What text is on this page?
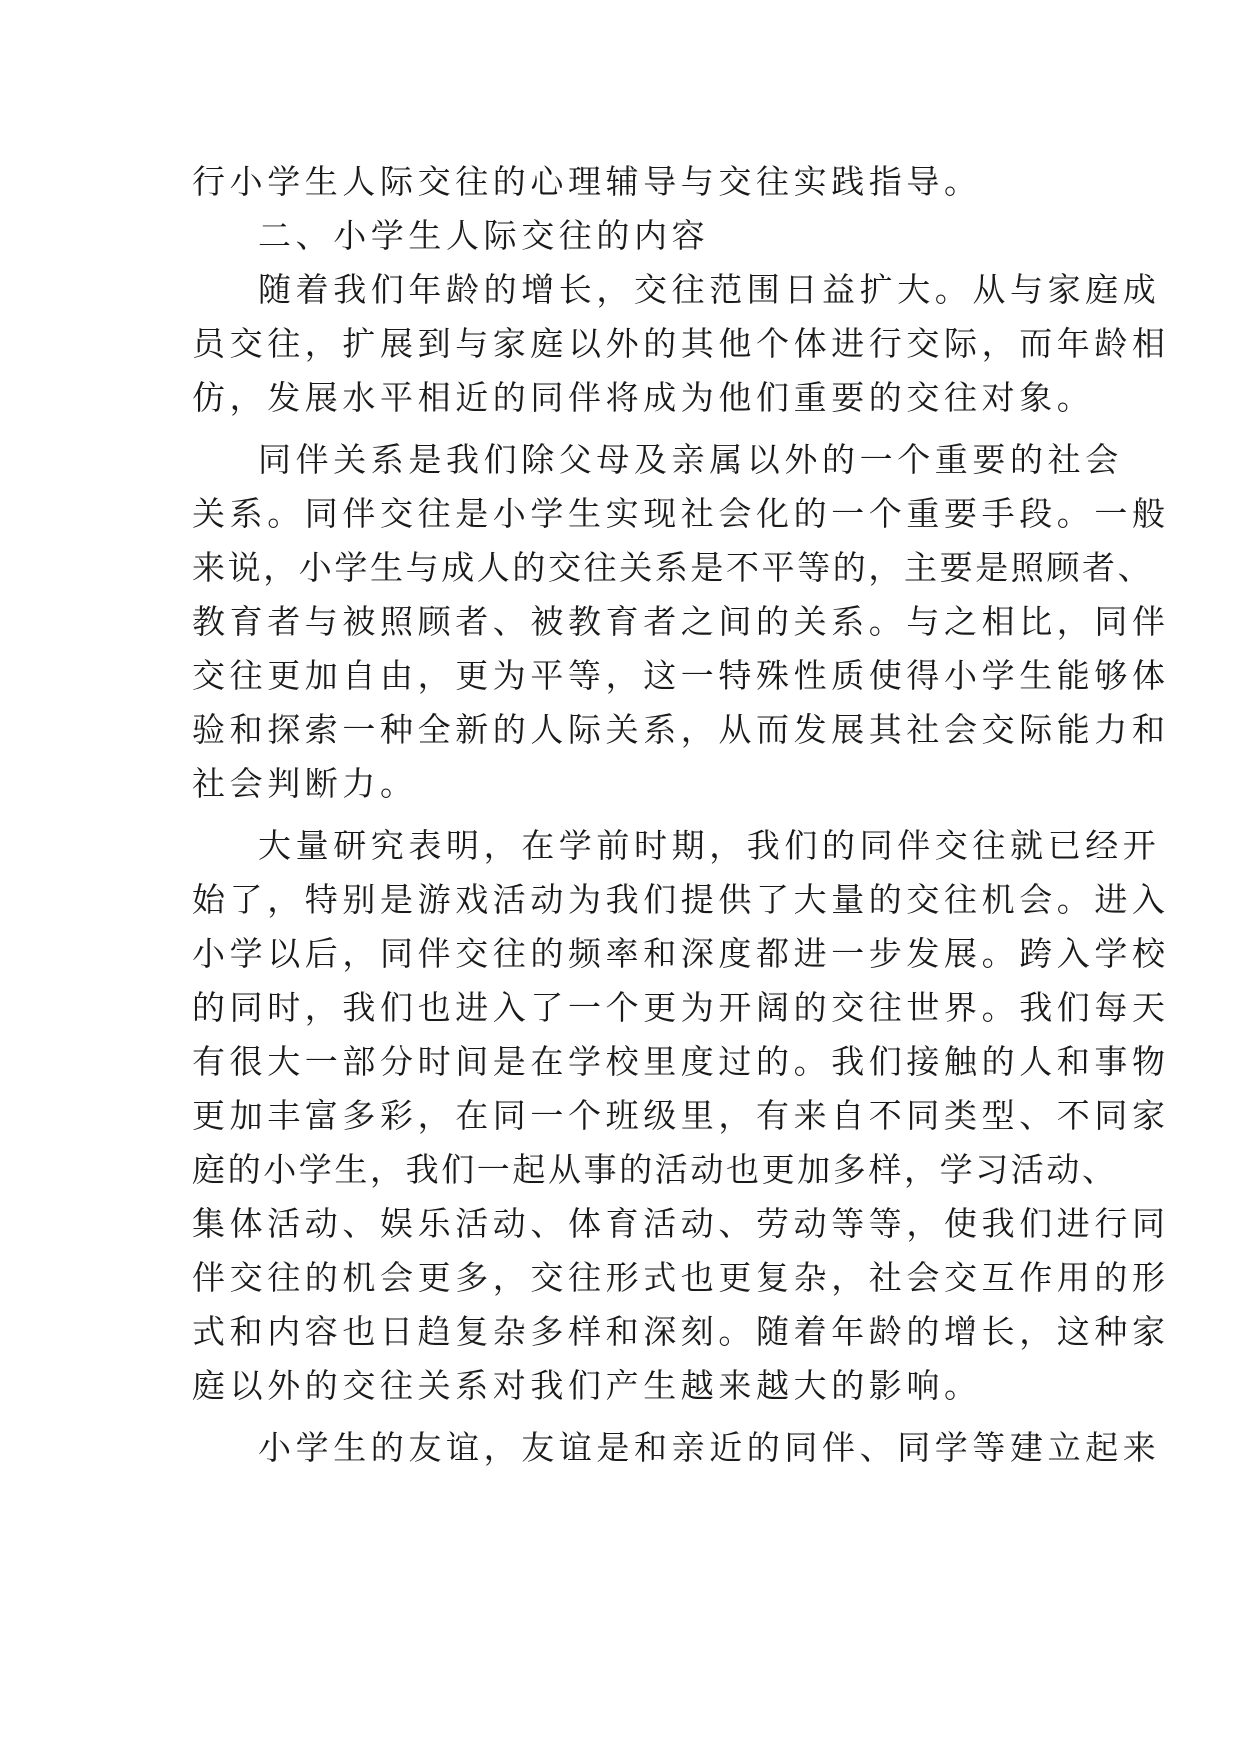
行小学生人际交往的心理辅导与交往实践指导。
二、小学生人际交往的内容
随着我们年龄的增长，交往范围日益扩大。从与家庭成
员交往，扩展到与家庭以外的其他个体进行交际，而年龄相
仿，发展水平相近的同伴将成为他们重要的交往对象。
同伴关系是我们除父母及亲属以外的一个重要的社会
关系。同伴交往是小学生实现社会化的一个重要手段。一般
来说，小学生与成人的交往关系是不平等的，主要是照顾者、
教育者与被照顾者、被教育者之间的关系。与之相比，同伴
交往更加自由，更为平等，这一特殊性质使得小学生能够体
验和探索一种全新的人际关系，从而发展其社会交际能力和
社会判断力。
大量研究表明，在学前时期，我们的同伴交往就已经开
始了，特别是游戏活动为我们提供了大量的交往机会。进入
小学以后，同伴交往的频率和深度都进一步发展。跨入学校
的同时，我们也进入了一个更为开阔的交往世界。我们每天
有很大一部分时间是在学校里度过的。我们接触的人和事物
更加丰富多彩，在同一个班级里，有来自不同类型、不同家
庭的小学生，我们一起从事的活动也更加多样，学习活动、
集体活动、娱乐活动、体育活动、劳动等等，使我们进行同
伴交往的机会更多，交往形式也更复杂，社会交互作用的形
式和内容也日趋复杂多样和深刻。随着年龄的增长，这种家
庭以外的交往关系对我们产生越来越大的影响。
小学生的友谊，友谊是和亲近的同伴、同学等建立起来
